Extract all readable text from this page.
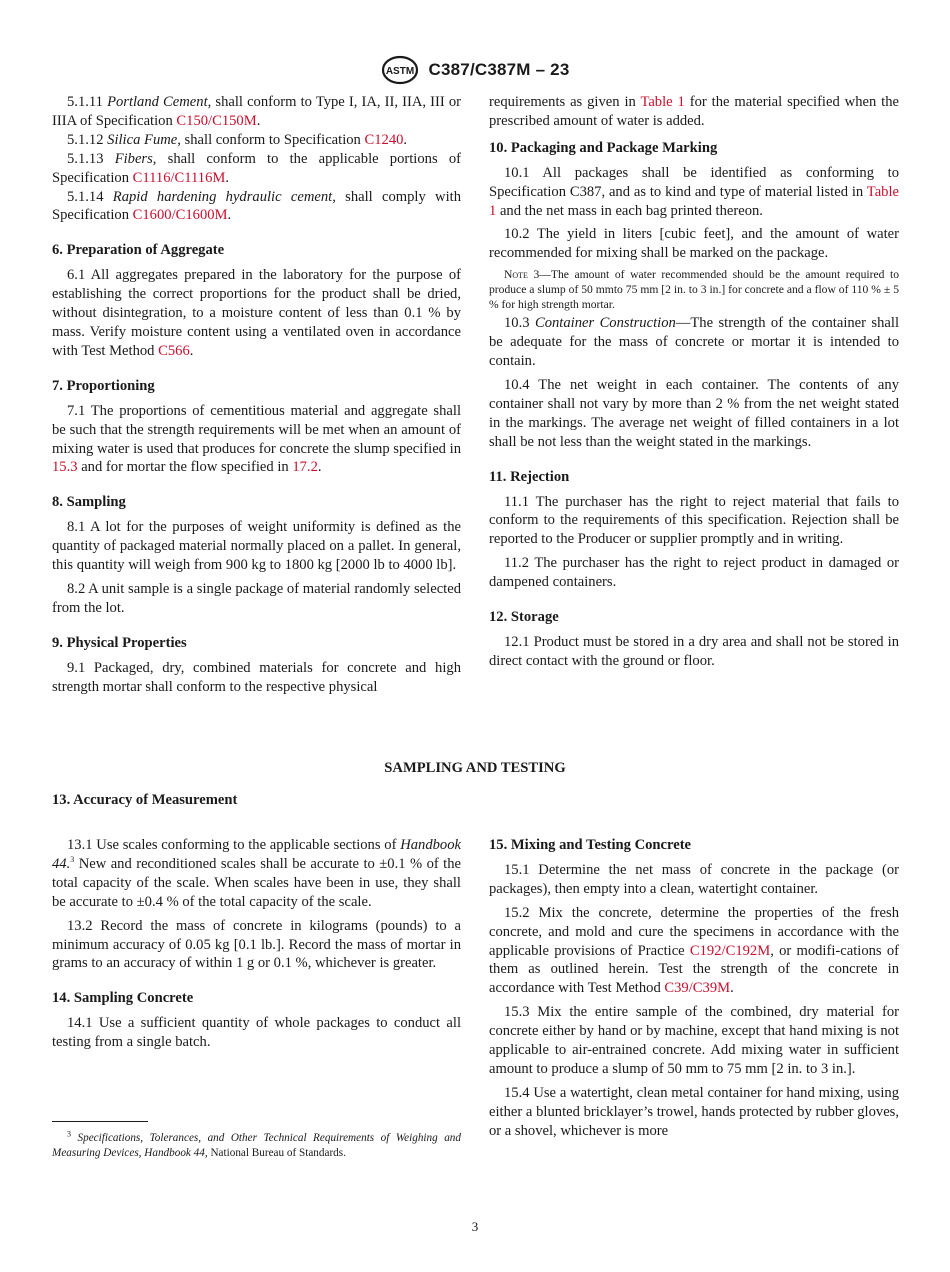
ASTM C387/C387M – 23

5.1.11 Portland Cement, shall conform to Type I, IA, II, IIA, III or IIIA of Specification C150/C150M.

5.1.12 Silica Fume, shall conform to Specification C1240.

5.1.13 Fibers, shall conform to the applicable portions of Specification C1116/C1116M.

5.1.14 Rapid hardening hydraulic cement, shall comply with Specification C1600/C1600M.

6. Preparation of Aggregate

6.1 All aggregates prepared in the laboratory for the purpose of establishing the correct proportions for the product shall be dried, without disintegration, to a moisture content of less than 0.1 % by mass. Verify moisture content using a ventilated oven in accordance with Test Method C566.

7. Proportioning

7.1 The proportions of cementitious material and aggregate shall be such that the strength requirements will be met when an amount of mixing water is used that produces for concrete the slump specified in 15.3 and for mortar the flow specified in 17.2.

8. Sampling

8.1 A lot for the purposes of weight uniformity is defined as the quantity of packaged material normally placed on a pallet. In general, this quantity will weigh from 900 kg to 1800 kg [2000 lb to 4000 lb].

8.2 A unit sample is a single package of material randomly selected from the lot.

9. Physical Properties

9.1 Packaged, dry, combined materials for concrete and high strength mortar shall conform to the respective physical

requirements as given in Table 1 for the material specified when the prescribed amount of water is added.

10. Packaging and Package Marking

10.1 All packages shall be identified as conforming to Specification C387, and as to kind and type of material listed in Table 1 and the net mass in each bag printed thereon.

10.2 The yield in liters [cubic feet], and the amount of water recommended for mixing shall be marked on the package.

Note 3—The amount of water recommended should be the amount required to produce a slump of 50 mmto 75 mm [2 in. to 3 in.] for concrete and a flow of 110 % ± 5 % for high strength mortar.

10.3 Container Construction—The strength of the container shall be adequate for the mass of concrete or mortar it is intended to contain.

10.4 The net weight in each container. The contents of any container shall not vary by more than 2 % from the net weight stated in the markings. The average net weight of filled containers in a lot shall be not less than the weight stated in the markings.

11. Rejection

11.1 The purchaser has the right to reject material that fails to conform to the requirements of this specification. Rejection shall be reported to the Producer or supplier promptly and in writing.

11.2 The purchaser has the right to reject product in damaged or dampened containers.

12. Storage

12.1 Product must be stored in a dry area and shall not be stored in direct contact with the ground or floor.

SAMPLING AND TESTING
13. Accuracy of Measurement

13.1 Use scales conforming to the applicable sections of Handbook 44.$^3$ New and reconditioned scales shall be accurate to ±0.1 % of the total capacity of the scale. When scales have been in use, they shall be accurate to ±0.4 % of the total capacity of the scale.

13.2 Record the mass of concrete in kilograms (pounds) to a minimum accuracy of 0.05 kg [0.1 lb.]. Record the mass of mortar in grams to an accuracy of within 1 g or 0.1 %, whichever is greater.

14. Sampling Concrete

14.1 Use a sufficient quantity of whole packages to conduct all testing from a single batch.

15. Mixing and Testing Concrete

15.1 Determine the net mass of concrete in the package (or packages), then empty into a clean, watertight container.

15.2 Mix the concrete, determine the properties of the fresh concrete, and mold and cure the specimens in accordance with the applicable provisions of Practice C192/C192M, or modifi-cations of them as outlined herein. Test the strength of the concrete in accordance with Test Method C39/C39M.

15.3 Mix the entire sample of the combined, dry material for concrete either by hand or by machine, except that hand mixing is not applicable to air-entrained concrete. Add mixing water in sufficient amount to produce a slump of 50 mm to 75 mm [2 in. to 3 in.].

15.4 Use a watertight, clean metal container for hand mixing, using either a blunted bricklayer’s trowel, hands protected by rubber gloves, or a shovel, whichever is more

$^3$ Specifications, Tolerances, and Other Technical Requirements of Weighing and Measuring Devices, Handbook 44, National Bureau of Standards.
3
